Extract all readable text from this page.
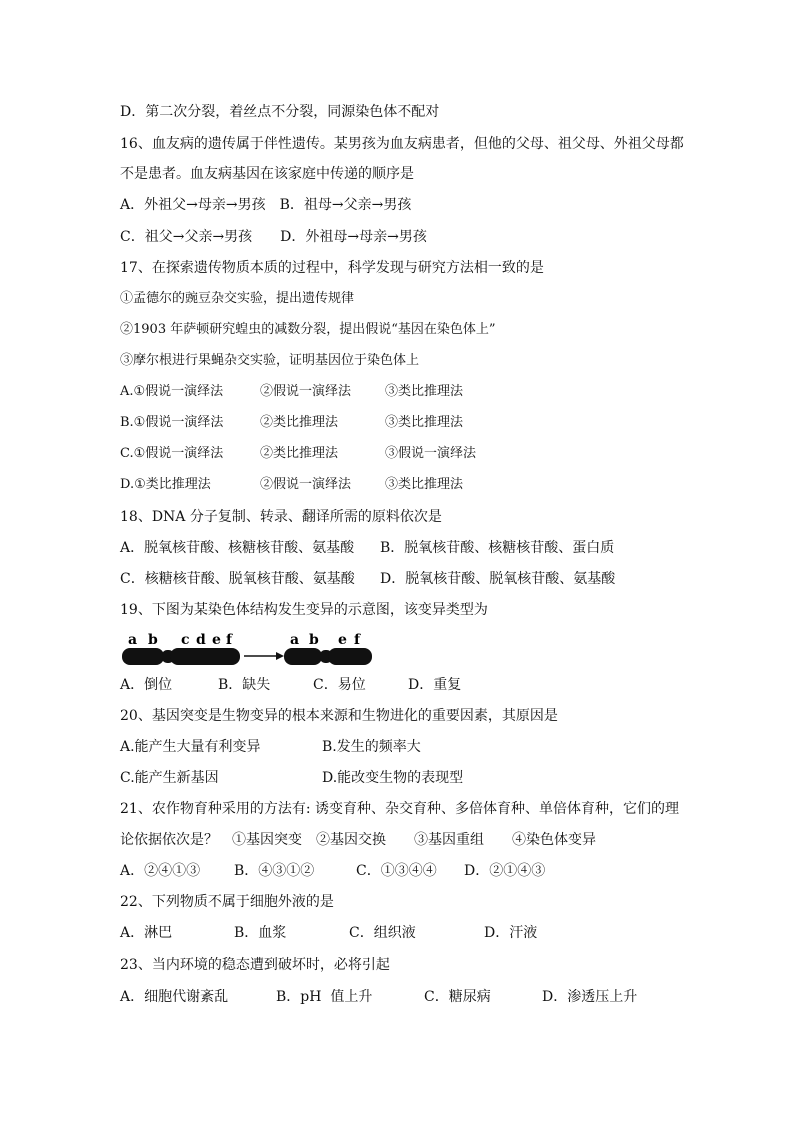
D．第二次分裂，着丝点不分裂，同源染色体不配对
16、血友病的遗传属于伴性遗传。某男孩为血友病患者，但他的父母、祖父母、外祖父母都
不是患者。血友病基因在该家庭中传递的顺序是
A．外祖父→母亲→男孩　B．祖母→父亲→男孩
C．祖父→父亲→男孩　　D．外祖母→母亲→男孩
17、在探索遗传物质本质的过程中，科学发现与研究方法相一致的是
①孟德尔的豌豆杂交实验，提出遗传规律
②1903 年萨顿研究蝗虫的减数分裂，提出假说“基因在染色体上”
③摩尔根进行果蝇杂交实验，证明基因位于染色体上
A.①假说一演绎法	②假说一演绎法	③类比推理法
B.①假说一演绎法	②类比推理法	③类比推理法
C.①假说一演绎法	②类比推理法	③假说一演绎法
D.①类比推理法	②假说一演绎法	③类比推理法
18、DNA 分子复制、转录、翻译所需的原料依次是
A．脱氧核苷酸、核糖核苷酸、氨基酸 B．脱氧核苷酸、核糖核苷酸、蛋白质
C．核糖核苷酸、脱氧核苷酸、氨基酸 D．脱氧核苷酸、脱氧核苷酸、氨基酸
19、下图为某染色体结构发生变异的示意图，该变异类型为
a b c d e f	a b e f
A．倒位	B．缺失	C．易位	D．重复
20、基因突变是生物变异的根本来源和生物进化的重要因素，其原因是
A.能产生大量有利变异	B.发生的频率大
C.能产生新基因	D.能改变生物的表现型
21、农作物育种采用的方法有: 诱变育种、杂交育种、多倍体育种、单倍体育种，它们的理
论依据依次是？　①基因突变　②基因交换　　③基因重组　　④染色体变异
A．②④①③ B．④③①②	C．①③④④ D．②①④③
22、下列物质不属于细胞外液的是
A．淋巴	B．血浆	C．组织液	D．汗液
23、当内环境的稳态遭到破坏时，必将引起
A．细胞代谢紊乱	B．pH  值上升	C．糖尿病	D．渗透压上升
